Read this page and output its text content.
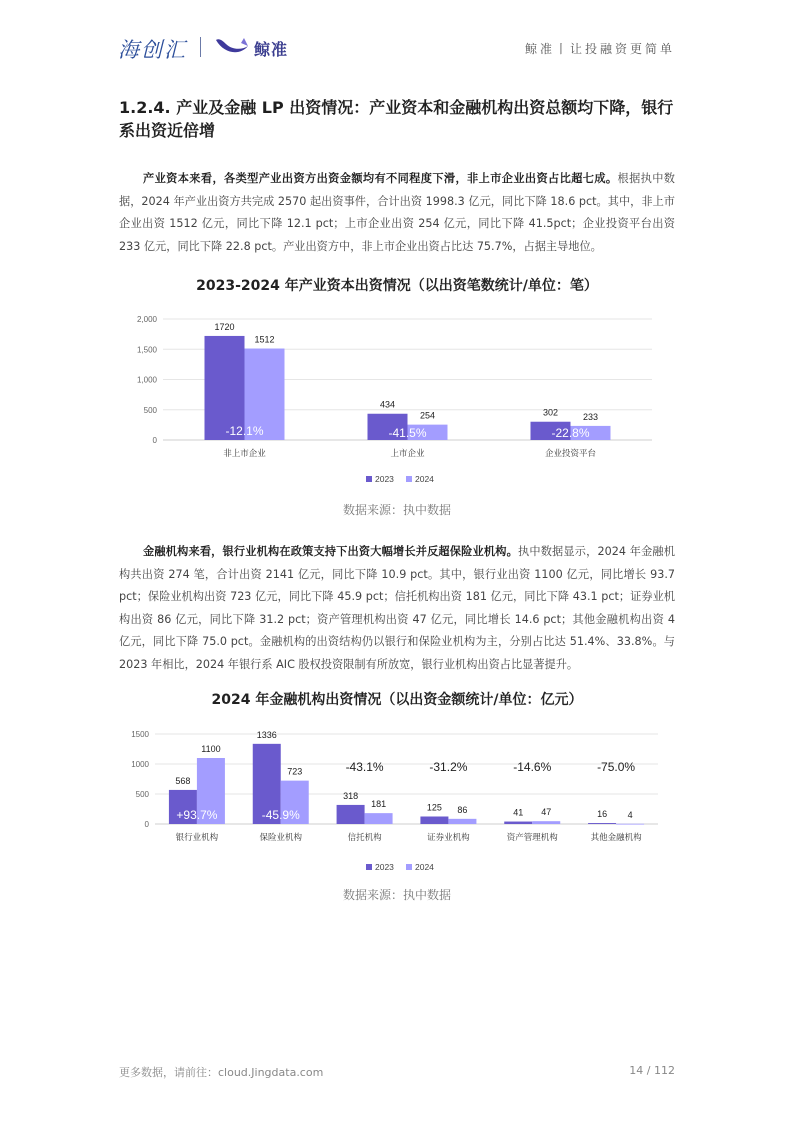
海创汇	鲸准	鲸准丨让投融资更简单
1.2.4. 产业及金融 LP 出资情况：产业资本和金融机构出资总额均下降，银行系出资近倍增
产业资本来看，各类型产业出资方出资金额均有不同程度下滑，非上市企业出资占比超七成。根据执中数据，2024 年产业出资方共完成 2570 起出资事件，合计出资 1998.3 亿元，同比下降 18.6 pct。其中，非上市企业出资 1512 亿元，同比下降 12.1 pct；上市企业出资 254 亿元，同比下降 41.5pct；企业投资平台出资 233 亿元，同比下降 22.8 pct。产业出资方中，非上市企业出资占比达 75.7%，占据主导地位。
2023-2024 年产业资本出资情况（以出资笔数统计/单位：笔）
0
500
1,000
1,500
2,000
1720
1512
非上市企业
-12.1%
434
254
上市企业
-41.5%
302	233
企业投资平台
-22.8%
2023 2024
数据来源：执中数据
金融机构来看，银行业机构在政策支持下出资大幅增长并反超保险业机构。执中数据显示，2024 年金融机构共出资 274 笔，合计出资 2141 亿元，同比下降 10.9 pct。其中，银行业出资 1100 亿元，同比增长 93.7 pct；保险业机构出资 723 亿元，同比下降 45.9 pct；信托机构出资 181 亿元，同比下降 43.1 pct；证券业机构出资 86 亿元，同比下降 31.2 pct；资产管理机构出资 47 亿元，同比增长 14.6 pct；其他金融机构出资 4 亿元，同比下降 75.0 pct。金融机构的出资结构仍以银行和保险业机构为主，分别占比达 51.4%、33.8%。与 2023 年相比，2024 年银行系 AIC 股权投资限制有所放宽，银行业机构出资占比显著提升。
2024 年金融机构出资情况（以出资金额统计/单位：亿元）
0
500
1000
1500
568
1100
银行业机构
+93.7%
1336
723
保险业机构
-45.9%
318
181
信托机构
-43.1%
125 86
证券业机构
-31.2%
41 47
资产管理机构
-14.6%
16 4
其他金融机构
-75.0%
2023 2024
数据来源：执中数据
更多数据，请前往：cloud.Jingdata.com	14 / 112
